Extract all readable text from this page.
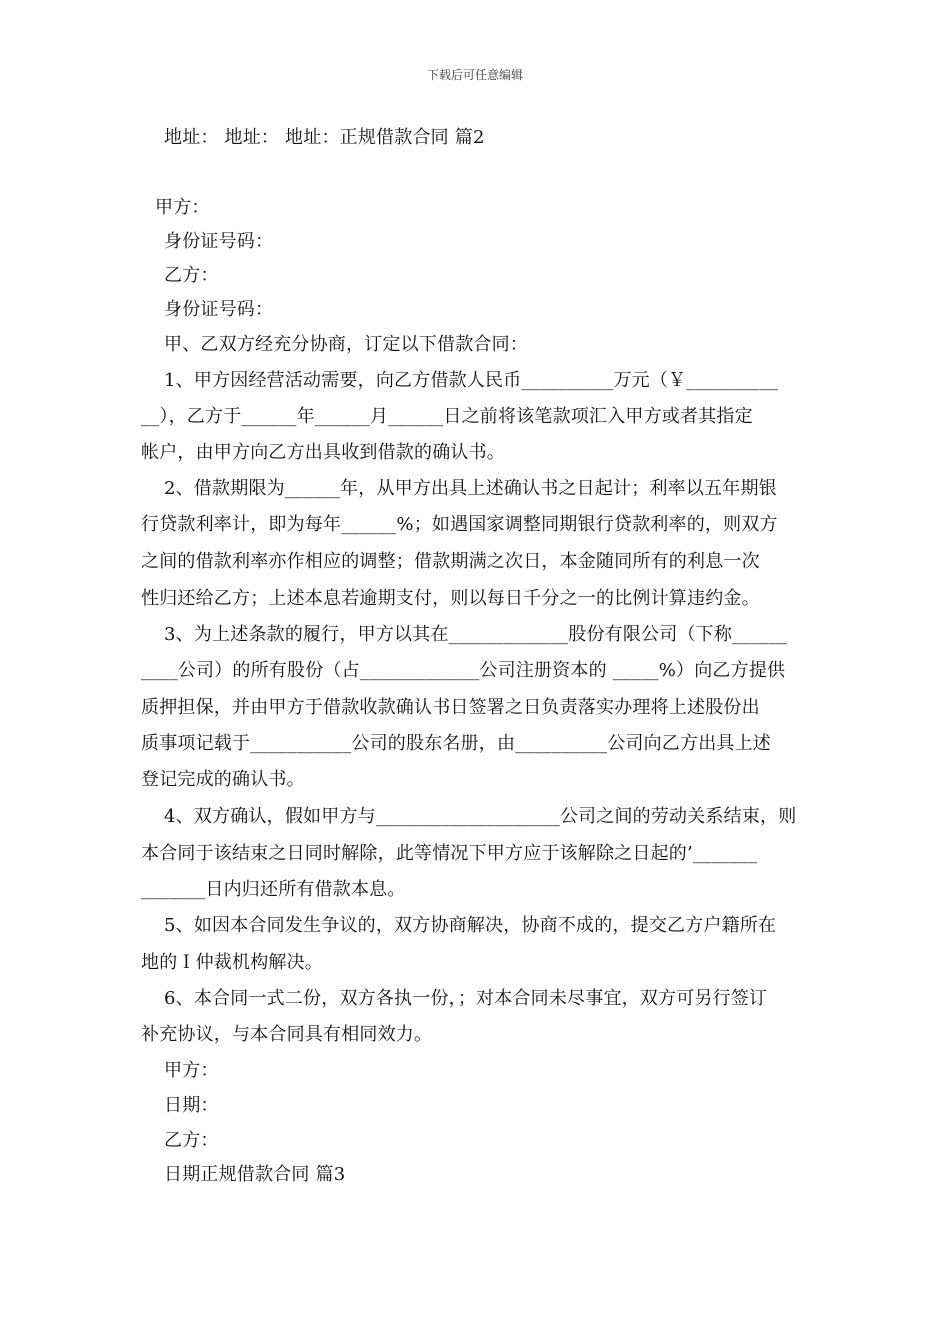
下载后可任意编辑
地址： 地址： 地址：正规借款合同 篇2
甲方：
身份证号码：
乙方：
身份证号码：
甲、乙双方经充分协商，订定以下借款合同：
1、甲方因经营活动需要，向乙方借款人民币__________万元（￥__________
__），乙方于______年______月______日之前将该笔款项汇入甲方或者其指定
帐户，由甲方向乙方出具收到借款的确认书。
2、借款期限为______年，从甲方出具上述确认书之日起计；利率以五年期银
行贷款利率计，即为每年______%；如遇国家调整同期银行贷款利率的，则双方
之间的借款利率亦作相应的调整；借款期满之次日，本金随同所有的利息一次
性归还给乙方；上述本息若逾期支付，则以每日千分之一的比例计算违约金。
3、为上述条款的履行，甲方以其在_____________股份有限公司（下称______
____公司）的所有股份（占_____________公司注册资本的 _____%）向乙方提供
质押担保，并由甲方于借款收款确认书日签署之日负责落实办理将上述股份出
质事项记载于___________公司的股东名册，由__________公司向乙方出具上述
登记完成的确认书。
4、双方确认，假如甲方与____________________公司之间的劳动关系结束，则
本合同于该结束之日同时解除，此等情况下甲方应于该解除之日起的’_______
_______日内归还所有借款本息。
5、如因本合同发生争议的，双方协商解决，协商不成的，提交乙方户籍所在
地的Ｉ仲裁机构解决。
6、本合同一式二份，双方各执一份，；对本合同未尽事宜，双方可另行签订
补充协议，与本合同具有相同效力。
甲方：
日期：
乙方：
日期正规借款合同 篇3
